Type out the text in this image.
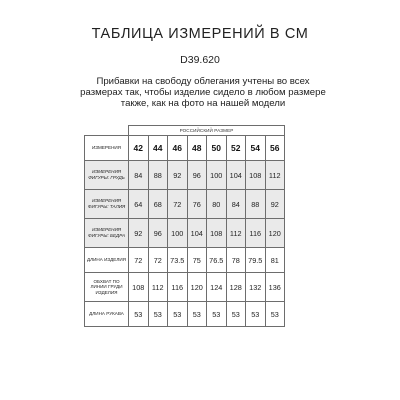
ТАБЛИЦА ИЗМЕРЕНИЙ В СМ
D39.620
Прибавки на свободу облегания учтены во всех размерах так, чтобы изделие сидело в любом размере также, как на фото на нашей модели
	РОССИЙСКИЙ РАЗМЕР							
ИЗМЕРЕНИЯ	42	44	46	48	50	52	54	56
ИЗМЕРЕНИЯ ФИГУРЫ: ГРУДЬ	84	88	92	96	100	104	108	112
ИЗМЕРЕНИЯ ФИГУРЫ: ТАЛИЯ	64	68	72	76	80	84	88	92
ИЗМЕРЕНИЯ ФИГУРЫ: БЕДРА	92	96	100	104	108	112	116	120
ДЛИНА ИЗДЕЛИЯ	72	72	73.5	75	76.5	78	79.5	81
ОБХВАТ ПО ЛИНИИ ГРУДИ ИЗДЕЛИЯ	108	112	116	120	124	128	132	136
ДЛИНА РУКАВА	53	53	53	53	53	53	53	53
